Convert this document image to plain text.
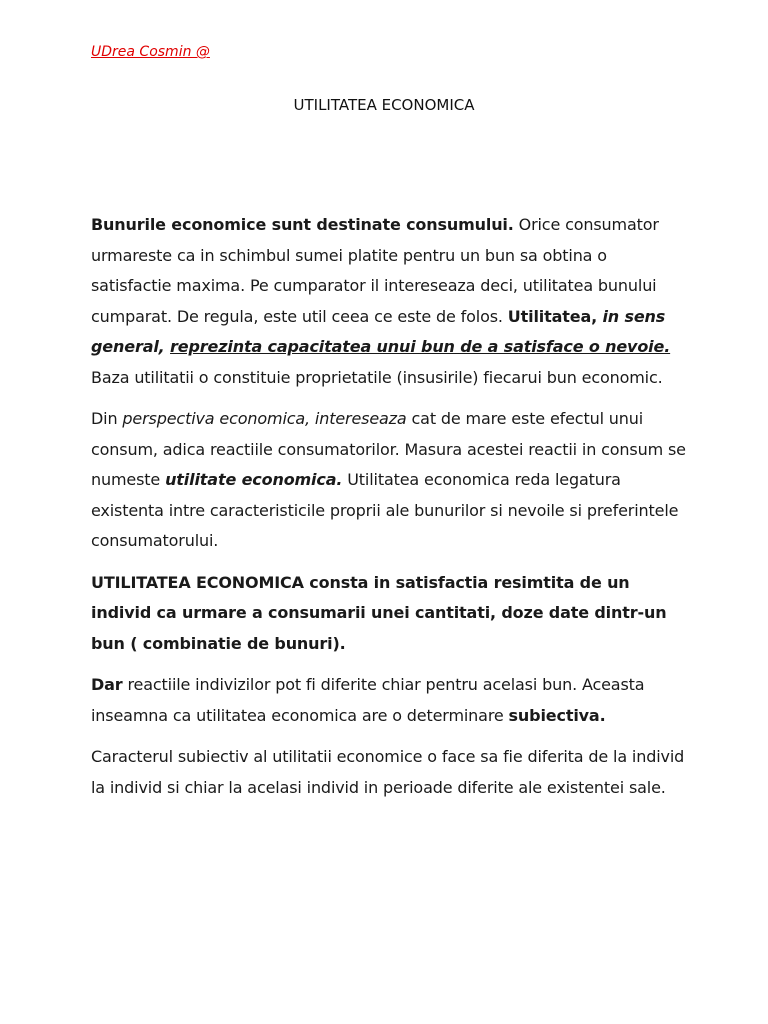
UDrea Cosmin @
UTILITATEA ECONOMICA

Bunurile economice sunt destinate consumului. Orice consumator urmareste ca in schimbul sumei platite pentru un bun sa obtina o satisfactie maxima. Pe cumparator il intereseaza deci, utilitatea bunului cumparat. De regula, este util ceea ce este de folos. Utilitatea, in sens general, reprezinta capacitatea unui bun de a satisface o nevoie. Baza utilitatii o constituie proprietatile (insusirile) fiecarui bun economic.

Din perspectiva economica, intereseaza cat de mare este efectul unui consum, adica reactiile consumatorilor. Masura acestei reactii in consum se numeste utilitate economica. Utilitatea economica reda legatura existenta intre caracteristicile proprii ale bunurilor si nevoile si preferintele consumatorului.

UTILITATEA ECONOMICA consta in satisfactia resimtita de un individ ca urmare a consumarii unei cantitati, doze date dintr-un bun ( combinatie de bunuri).

Dar reactiile indivizilor pot fi diferite chiar pentru acelasi bun. Aceasta inseamna ca utilitatea economica are o determinare subiectiva.

Caracterul subiectiv al utilitatii economice o face sa fie diferita de la individ la individ si chiar la acelasi individ in perioade diferite ale existentei sale.
